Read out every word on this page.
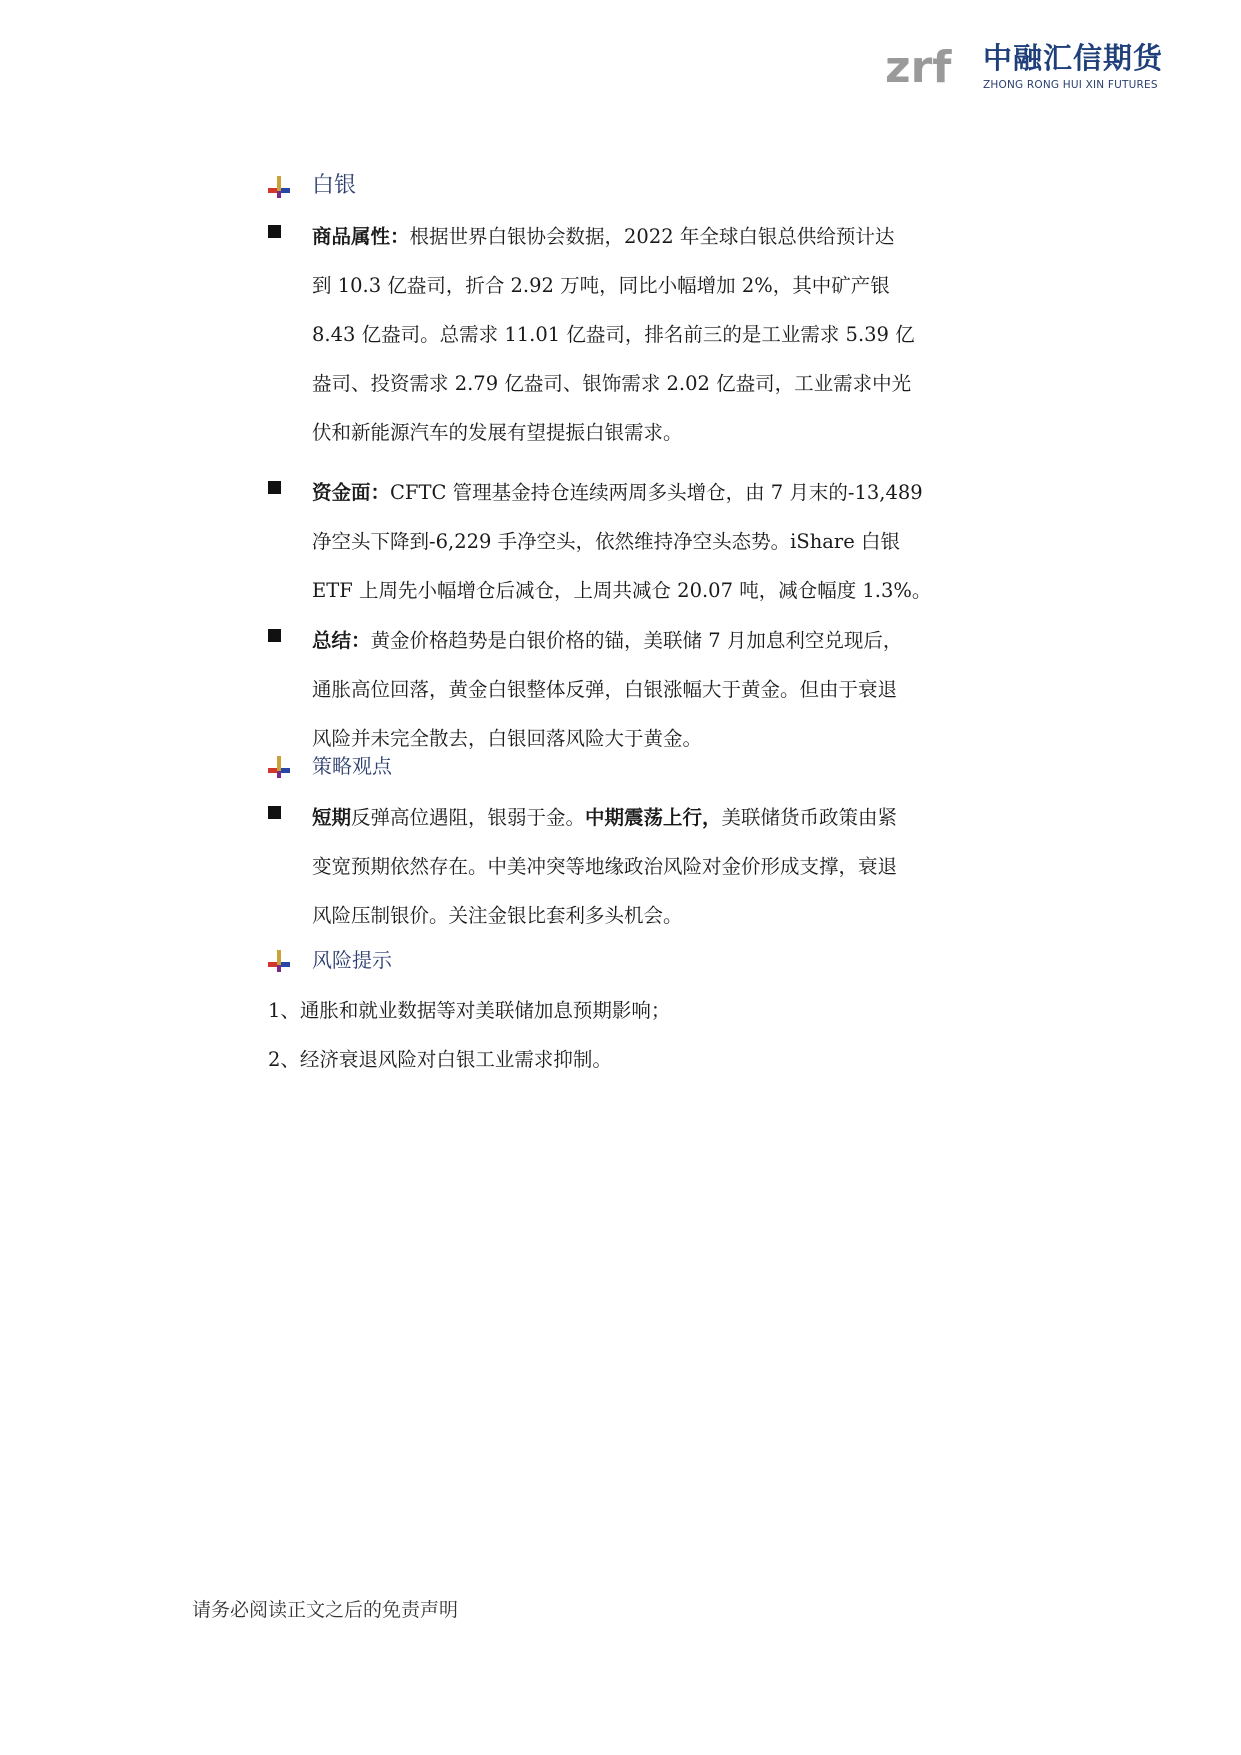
zrf 中融汇信期货
ZHONG RONG HUI XIN FUTURES
白银
商品属性：根据世界白银协会数据，2022 年全球白银总供给预计达
到 10.3 亿盎司，折合 2.92 万吨，同比小幅增加 2%，其中矿产银
8.43 亿盎司。总需求 11.01 亿盎司，排名前三的是工业需求 5.39 亿
盎司、投资需求 2.79 亿盎司、银饰需求 2.02 亿盎司，工业需求中光
伏和新能源汽车的发展有望提振白银需求。
资金面：CFTC 管理基金持仓连续两周多头增仓，由 7 月末的-13,489
净空头下降到-6,229 手净空头，依然维持净空头态势。iShare 白银
ETF 上周先小幅增仓后减仓，上周共减仓 20.07 吨，减仓幅度 1.3%。
总结：黄金价格趋势是白银价格的锚，美联储 7 月加息利空兑现后，
通胀高位回落，黄金白银整体反弹，白银涨幅大于黄金。但由于衰退
风险并未完全散去，白银回落风险大于黄金。
策略观点
短期反弹高位遇阻，银弱于金。中期震荡上行，美联储货币政策由紧
变宽预期依然存在。中美冲突等地缘政治风险对金价形成支撑，衰退
风险压制银价。关注金银比套利多头机会。
风险提示
1、通胀和就业数据等对美联储加息预期影响；
2、经济衰退风险对白银工业需求抑制。
请务必阅读正文之后的免责声明
